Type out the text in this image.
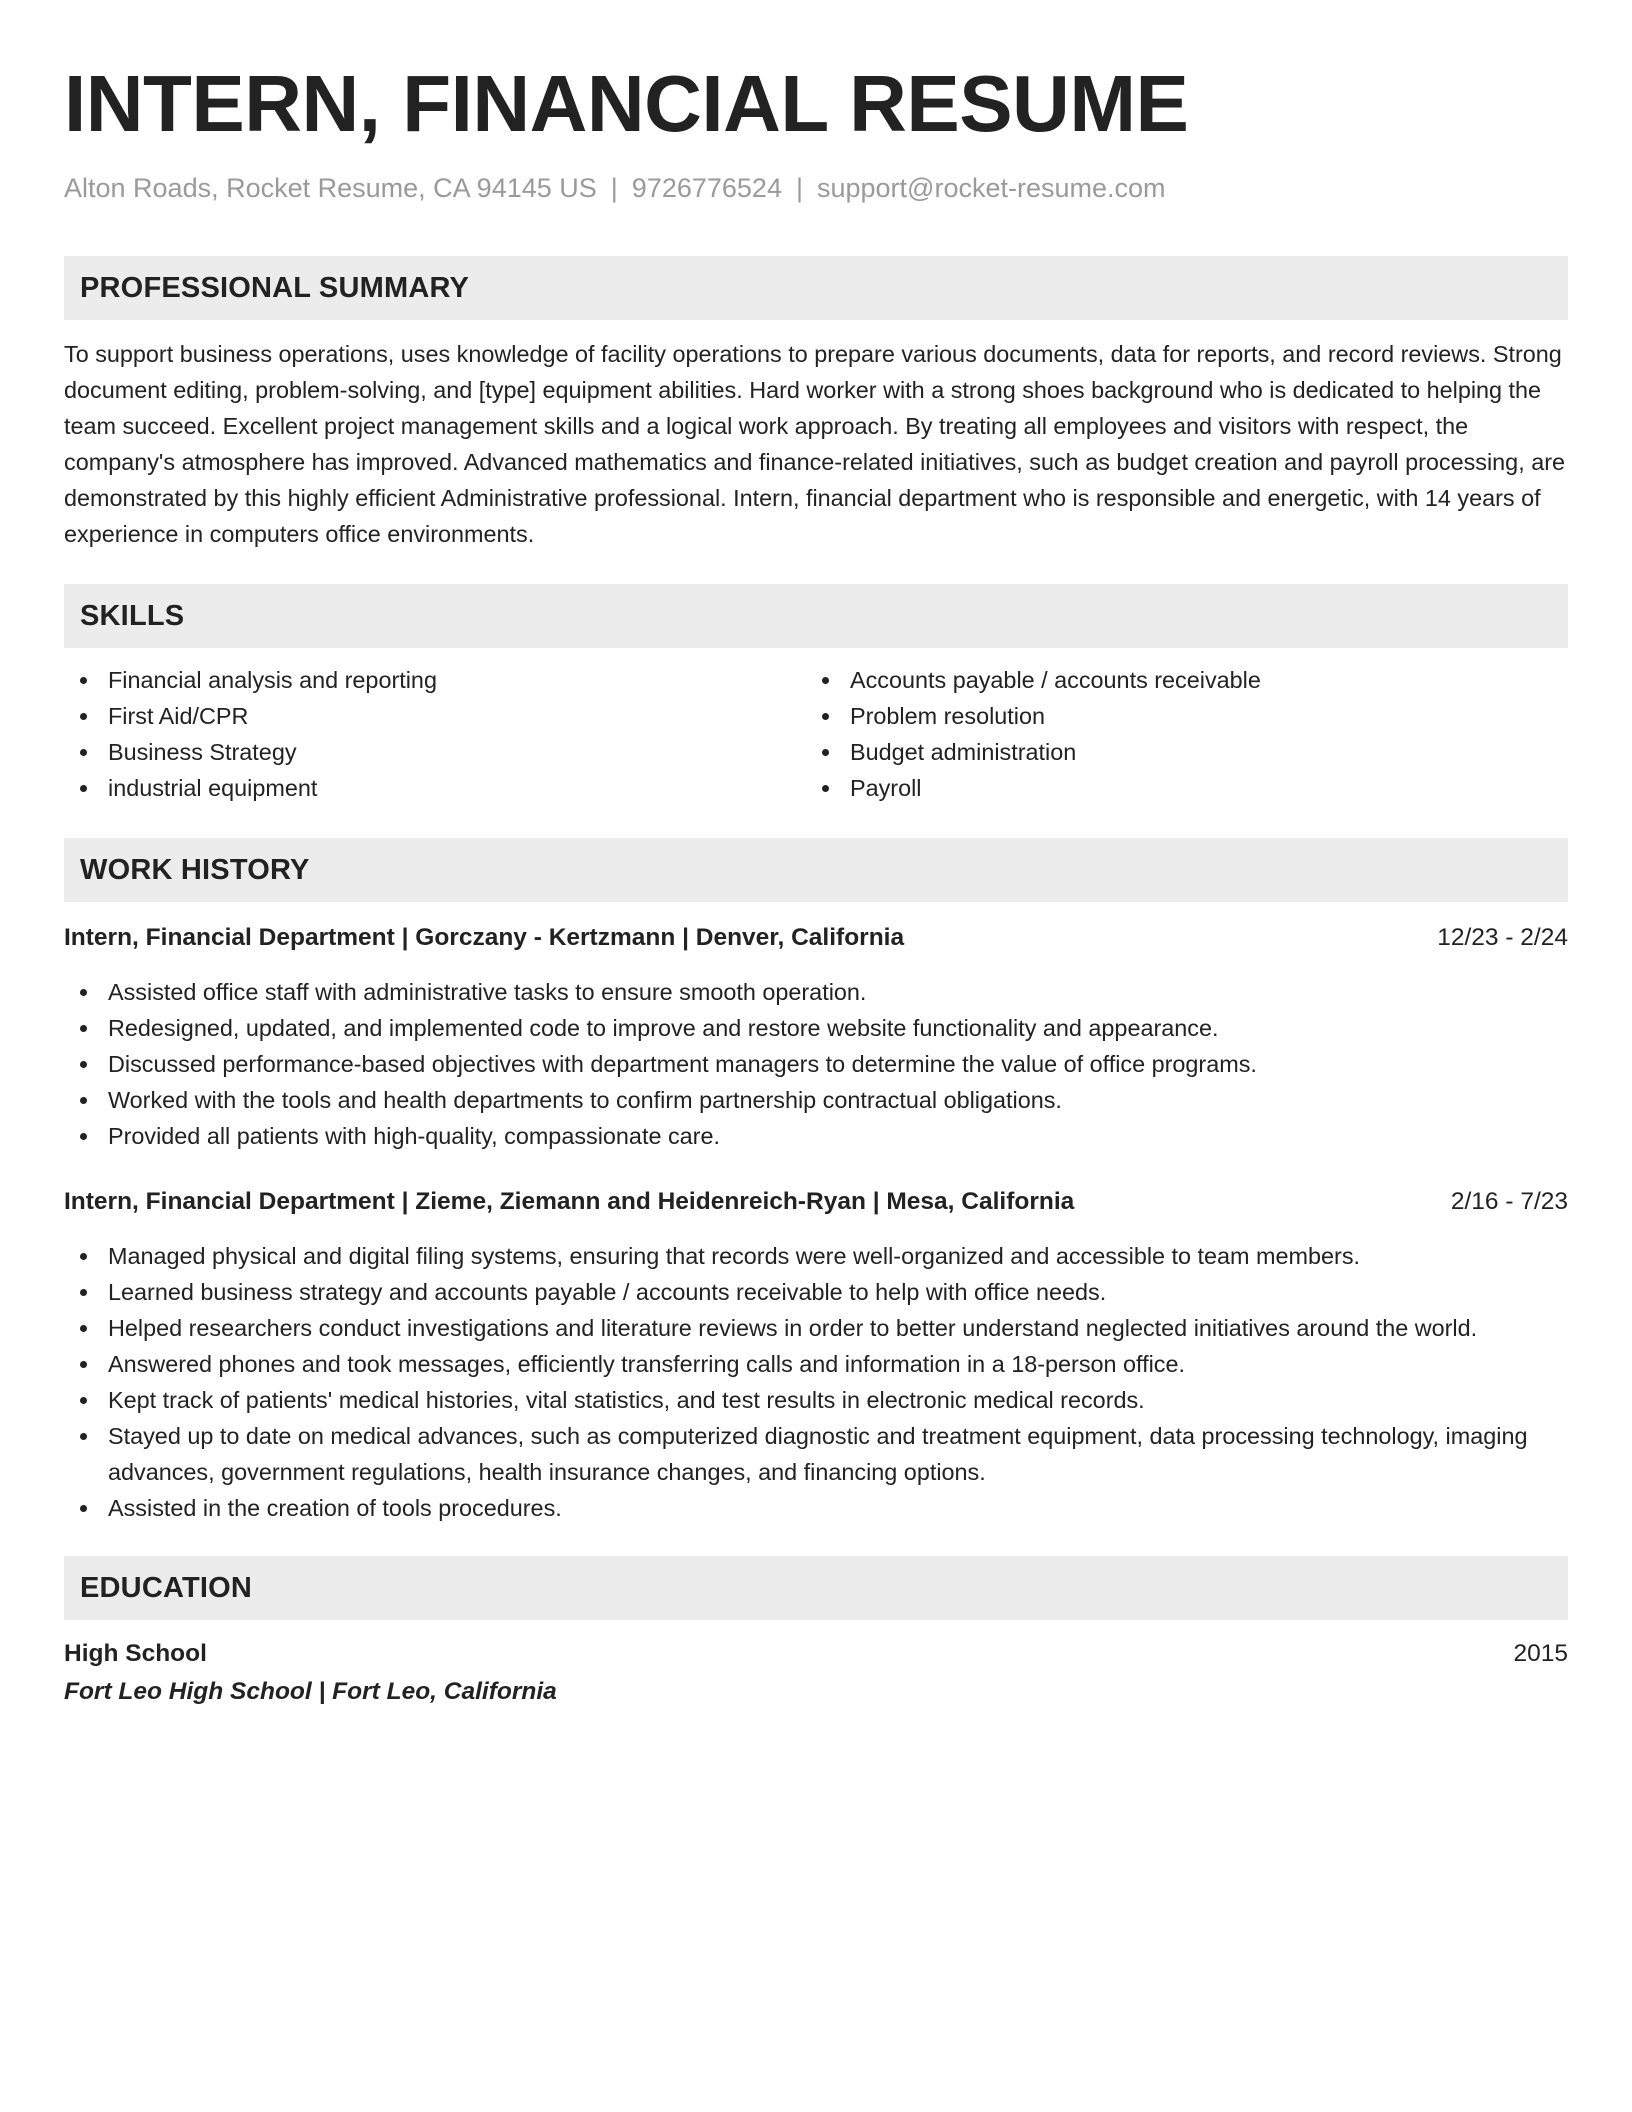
INTERN, FINANCIAL RESUME
Alton Roads, Rocket Resume, CA 94145 US | 9726776524 | support@rocket-resume.com
PROFESSIONAL SUMMARY

To support business operations, uses knowledge of facility operations to prepare various documents, data for reports, and record reviews. Strong document editing, problem-solving, and [type] equipment abilities. Hard worker with a strong shoes background who is dedicated to helping the team succeed. Excellent project management skills and a logical work approach. By treating all employees and visitors with respect, the company's atmosphere has improved. Advanced mathematics and finance-related initiatives, such as budget creation and payroll processing, are demonstrated by this highly efficient Administrative professional. Intern, financial department who is responsible and energetic, with 14 years of experience in computers office environments.

SKILLS
Financial analysis and reporting
First Aid/CPR
Business Strategy
industrial equipment
Accounts payable / accounts receivable
Problem resolution
Budget administration
Payroll
WORK HISTORY
Intern, Financial Department | Gorczany - Kertzmann | Denver, California	12/23 - 2/24
Assisted office staff with administrative tasks to ensure smooth operation.
Redesigned, updated, and implemented code to improve and restore website functionality and appearance.
Discussed performance-based objectives with department managers to determine the value of office programs.
Worked with the tools and health departments to confirm partnership contractual obligations.
Provided all patients with high-quality, compassionate care.
Intern, Financial Department | Zieme, Ziemann and Heidenreich-Ryan | Mesa, California	2/16 - 7/23
Managed physical and digital filing systems, ensuring that records were well-organized and accessible to team members.
Learned business strategy and accounts payable / accounts receivable to help with office needs.
Helped researchers conduct investigations and literature reviews in order to better understand neglected initiatives around the world.
Answered phones and took messages, efficiently transferring calls and information in a 18-person office.
Kept track of patients' medical histories, vital statistics, and test results in electronic medical records.
Stayed up to date on medical advances, such as computerized diagnostic and treatment equipment, data processing technology, imaging advances, government regulations, health insurance changes, and financing options.
Assisted in the creation of tools procedures.
EDUCATION
High School	2015
Fort Leo High School | Fort Leo, California
